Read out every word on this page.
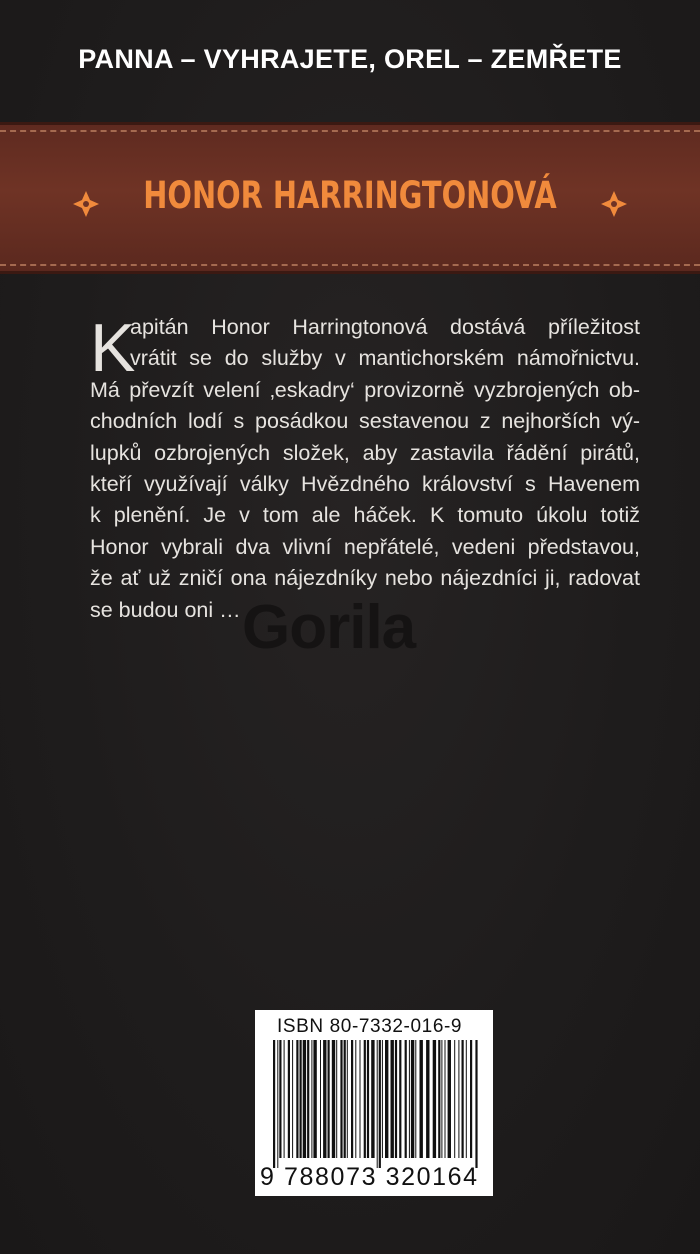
PANNA – VYHRAJETE, OREL – ZEMŘETE
HONOR HARRINGTONOVÁ
Gorila
K
apitán Honor Harringtonová dostává příležitost
vrátit se do služby v mantichorském námořnictvu.
Má převzít velení ‚eskadry‘ provizorně vyzbrojených ob-
chodních lodí s posádkou sestavenou z nejhorších vý-
lupků ozbrojených složek, aby zastavila řádění pirátů,
kteří využívají války Hvězdného království s Havenem
k plenění. Je v tom ale háček. K tomuto úkolu totiž
Honor vybrali dva vlivní nepřátelé, vedeni představou,
že ať už zničí ona nájezdníky nebo nájezdníci ji, radovat
se budou oni …
ISBN 80-7332-016-9
9 788073 320164
